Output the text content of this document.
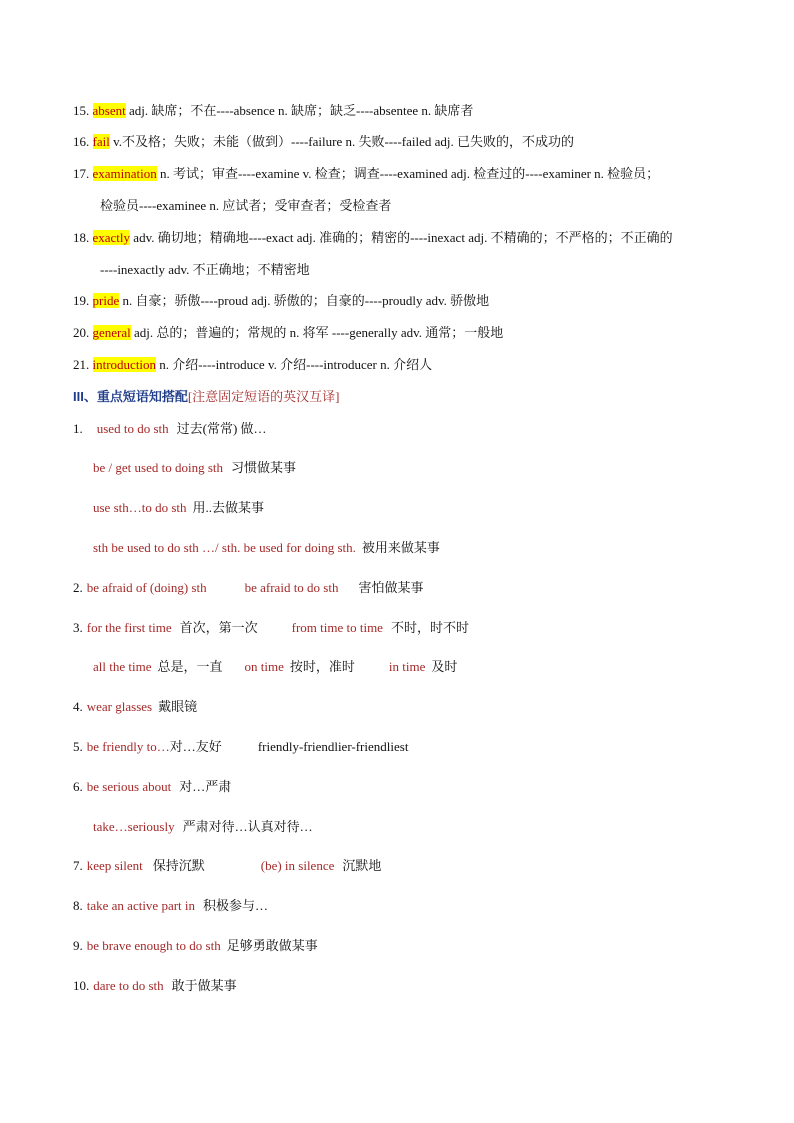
15. absent adj. 缺席；不在----absence n. 缺席；缺乏----absentee n. 缺席者
16. fail v.不及格；失败；未能（做到）----failure n. 失败----failed adj. 已失败的，不成功的
17. examination n. 考试；审查----examine v. 检查；调查----examined adj. 检查过的----examiner n. 检验员；
检验员----examinee n. 应试者；受审查者；受检查者
18. exactly adv. 确切地；精确地----exact adj. 准确的；精密的----inexact adj. 不精确的；不严格的；不正确的
----inexactly adv. 不正确地；不精密地
19. pride n. 自豪；骄傲----proud adj. 骄傲的；自豪的----proudly adv. 骄傲地
20. general adj. 总的；普遍的；常规的 n. 将军 ----generally adv. 通常；一般地
21. introduction n. 介绍----introduce v. 介绍----introducer n. 介绍人
III、重点短语知搭配[注意固定短语的英汉互译]
1. used to do sth 过去(常常) 做…
be / get used to doing sth 习惯做某事
use sth…to do sth 用..去做某事
sth be used to do sth …/ sth. be used for doing sth. 被用来做某事
2. be afraid of (doing) sth	be afraid to do sth 害怕做某事
3. for the first time 首次，第一次	from time to time 不时，时不时
all the time 总是，一直 on time 按时，准时	in time 及时
4. wear glasses 戴眼镜
5. be friendly to…对…友好	friendly-friendlier-friendliest
6. be serious about 对…严肃
take…seriously 严肃对待…认真对待…
7. keep silent 保持沉默	(be) in silence 沉默地
8. take an active part in 积极参与…
9. be brave enough to do sth 足够勇敢做某事
10. dare to do sth 敢于做某事
